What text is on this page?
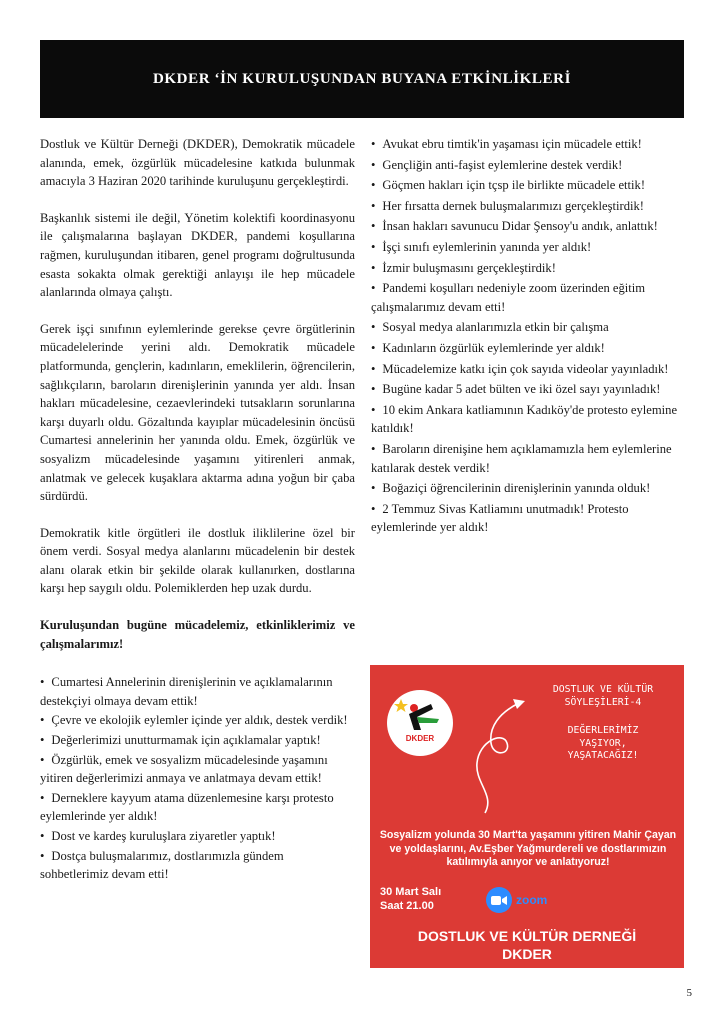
DKDER ‘İN KURULUŞUNDAN BUYANA ETKİNLİKLERİ

Dostluk ve Kültür Derneği (DKDER), Demokratik mücadele alanında, emek, özgürlük mücadelesine katkıda bulunmak amacıyla 3 Haziran 2020 tarihinde kuruluşunu gerçekleştirdi.

Başkanlık sistemi ile değil, Yönetim kolektifi koordinasyonu ile çalışmalarına başlayan DKDER, pandemi koşullarına rağmen, kuruluşundan itibaren, genel programı doğrultusunda esasta sokakta olmak gerektiği anlayışı ile hep mücadele alanlarında olmaya çalıştı.

Gerek işçi sınıfının eylemlerinde gerekse çevre örgütlerinin mücadelelerinde yerini aldı. Demokratik mücadele platformunda, gençlerin, kadınların, emeklilerin, öğrencilerin, sağlıkçıların, baroların direnişlerinin yanında yer aldı. İnsan hakları mücadelesine, cezaevlerindeki tutsakların sorunlarına karşı duyarlı oldu. Gözaltında kayıplar mücadelesinin öncüsü Cumartesi annelerinin her yanında oldu. Emek, özgürlük ve sosyalizm mücadelesinde yaşamını yitirenleri anmak, anlatmak ve gelecek kuşaklara aktarma adına yoğun bir çaba sürdürdü.

Demokratik kitle örgütleri ile dostluk iliklilerine özel bir önem verdi. Sosyal medya alanlarını mücadelenin bir destek alanı olarak etkin bir şekilde olarak kullanırken, dostlarına karşı hep saygılı oldu. Polemiklerden hep uzak durdu.

Kuruluşundan bugüne mücadelemiz, etkinliklerimiz ve çalışmalarımız!

• Cumartesi Annelerinin direnişlerinin ve açıklamalarının destekçiyi olmaya devam ettik!
• Çevre ve ekolojik eylemler içinde yer aldık, destek verdik!
• Değerlerimizi unutturmamak için açıklamalar yaptık!
• Özgürlük, emek ve sosyalizm mücadelesinde yaşamını yitiren değerlerimizi anmaya ve anlatmaya devam ettik!
• Derneklere kayyum atama düzenlemesine karşı protesto eylemlerinde yer aldık!
• Dost ve kardeş kuruluşlara ziyaretler yaptık!
• Dostça buluşmalarımız, dostlarımızla gündem sohbetlerimiz devam etti!
• Avukat ebru timtik'in yaşaması için mücadele ettik!
• Gençliğin anti-faşist eylemlerine destek verdik!
• Göçmen hakları için tçsp ile birlikte mücadele ettik!
• Her fırsatta dernek buluşmalarımızı gerçekleştirdik!
• İnsan hakları savunucu Didar Şensoy'u andık, anlattık!
• İşçi sınıfı eylemlerinin yanında yer aldık!
• İzmir buluşmasını gerçekleştirdik!
• Pandemi koşulları nedeniyle zoom üzerinden eğitim çalışmalarımız devam etti!
• Sosyal medya alanlarımızla etkin bir çalışma
• Kadınların özgürlük eylemlerinde yer aldık!
• Mücadelemize katkı için çok sayıda videolar yayınladık!
• Bugüne kadar 5 adet bülten ve iki özel sayı yayınladık!
• 10 ekim Ankara katliamının Kadıköy'de protesto eylemine katıldık!
• Baroların direnişine hem açıklamamızla hem eylemlerine katılarak destek verdik!
• Boğaziçi öğrencilerinin direnişlerinin yanında olduk!
• 2 Temmuz Sivas Katliamını unutmadık! Protesto eylemlerinde yer aldık!
DKDER
DOSTLUK VE KÜLTÜR SÖYLEŞİLERİ-4
DEĞERLERİMİZ
YAŞIYOR,
YAŞATACAĞIZ!
Sosyalizm yolunda 30 Mart'ta yaşamını yitiren Mahir Çayan ve yoldaşlarını, Av.Eşber Yağmurdereli ve dostlarımızın katılımıyla anıyor ve anlatıyoruz!
30 Mart Salı
Saat 21.00	zoom
DOSTLUK VE KÜLTÜR DERNEĞİ
DKDER
5
